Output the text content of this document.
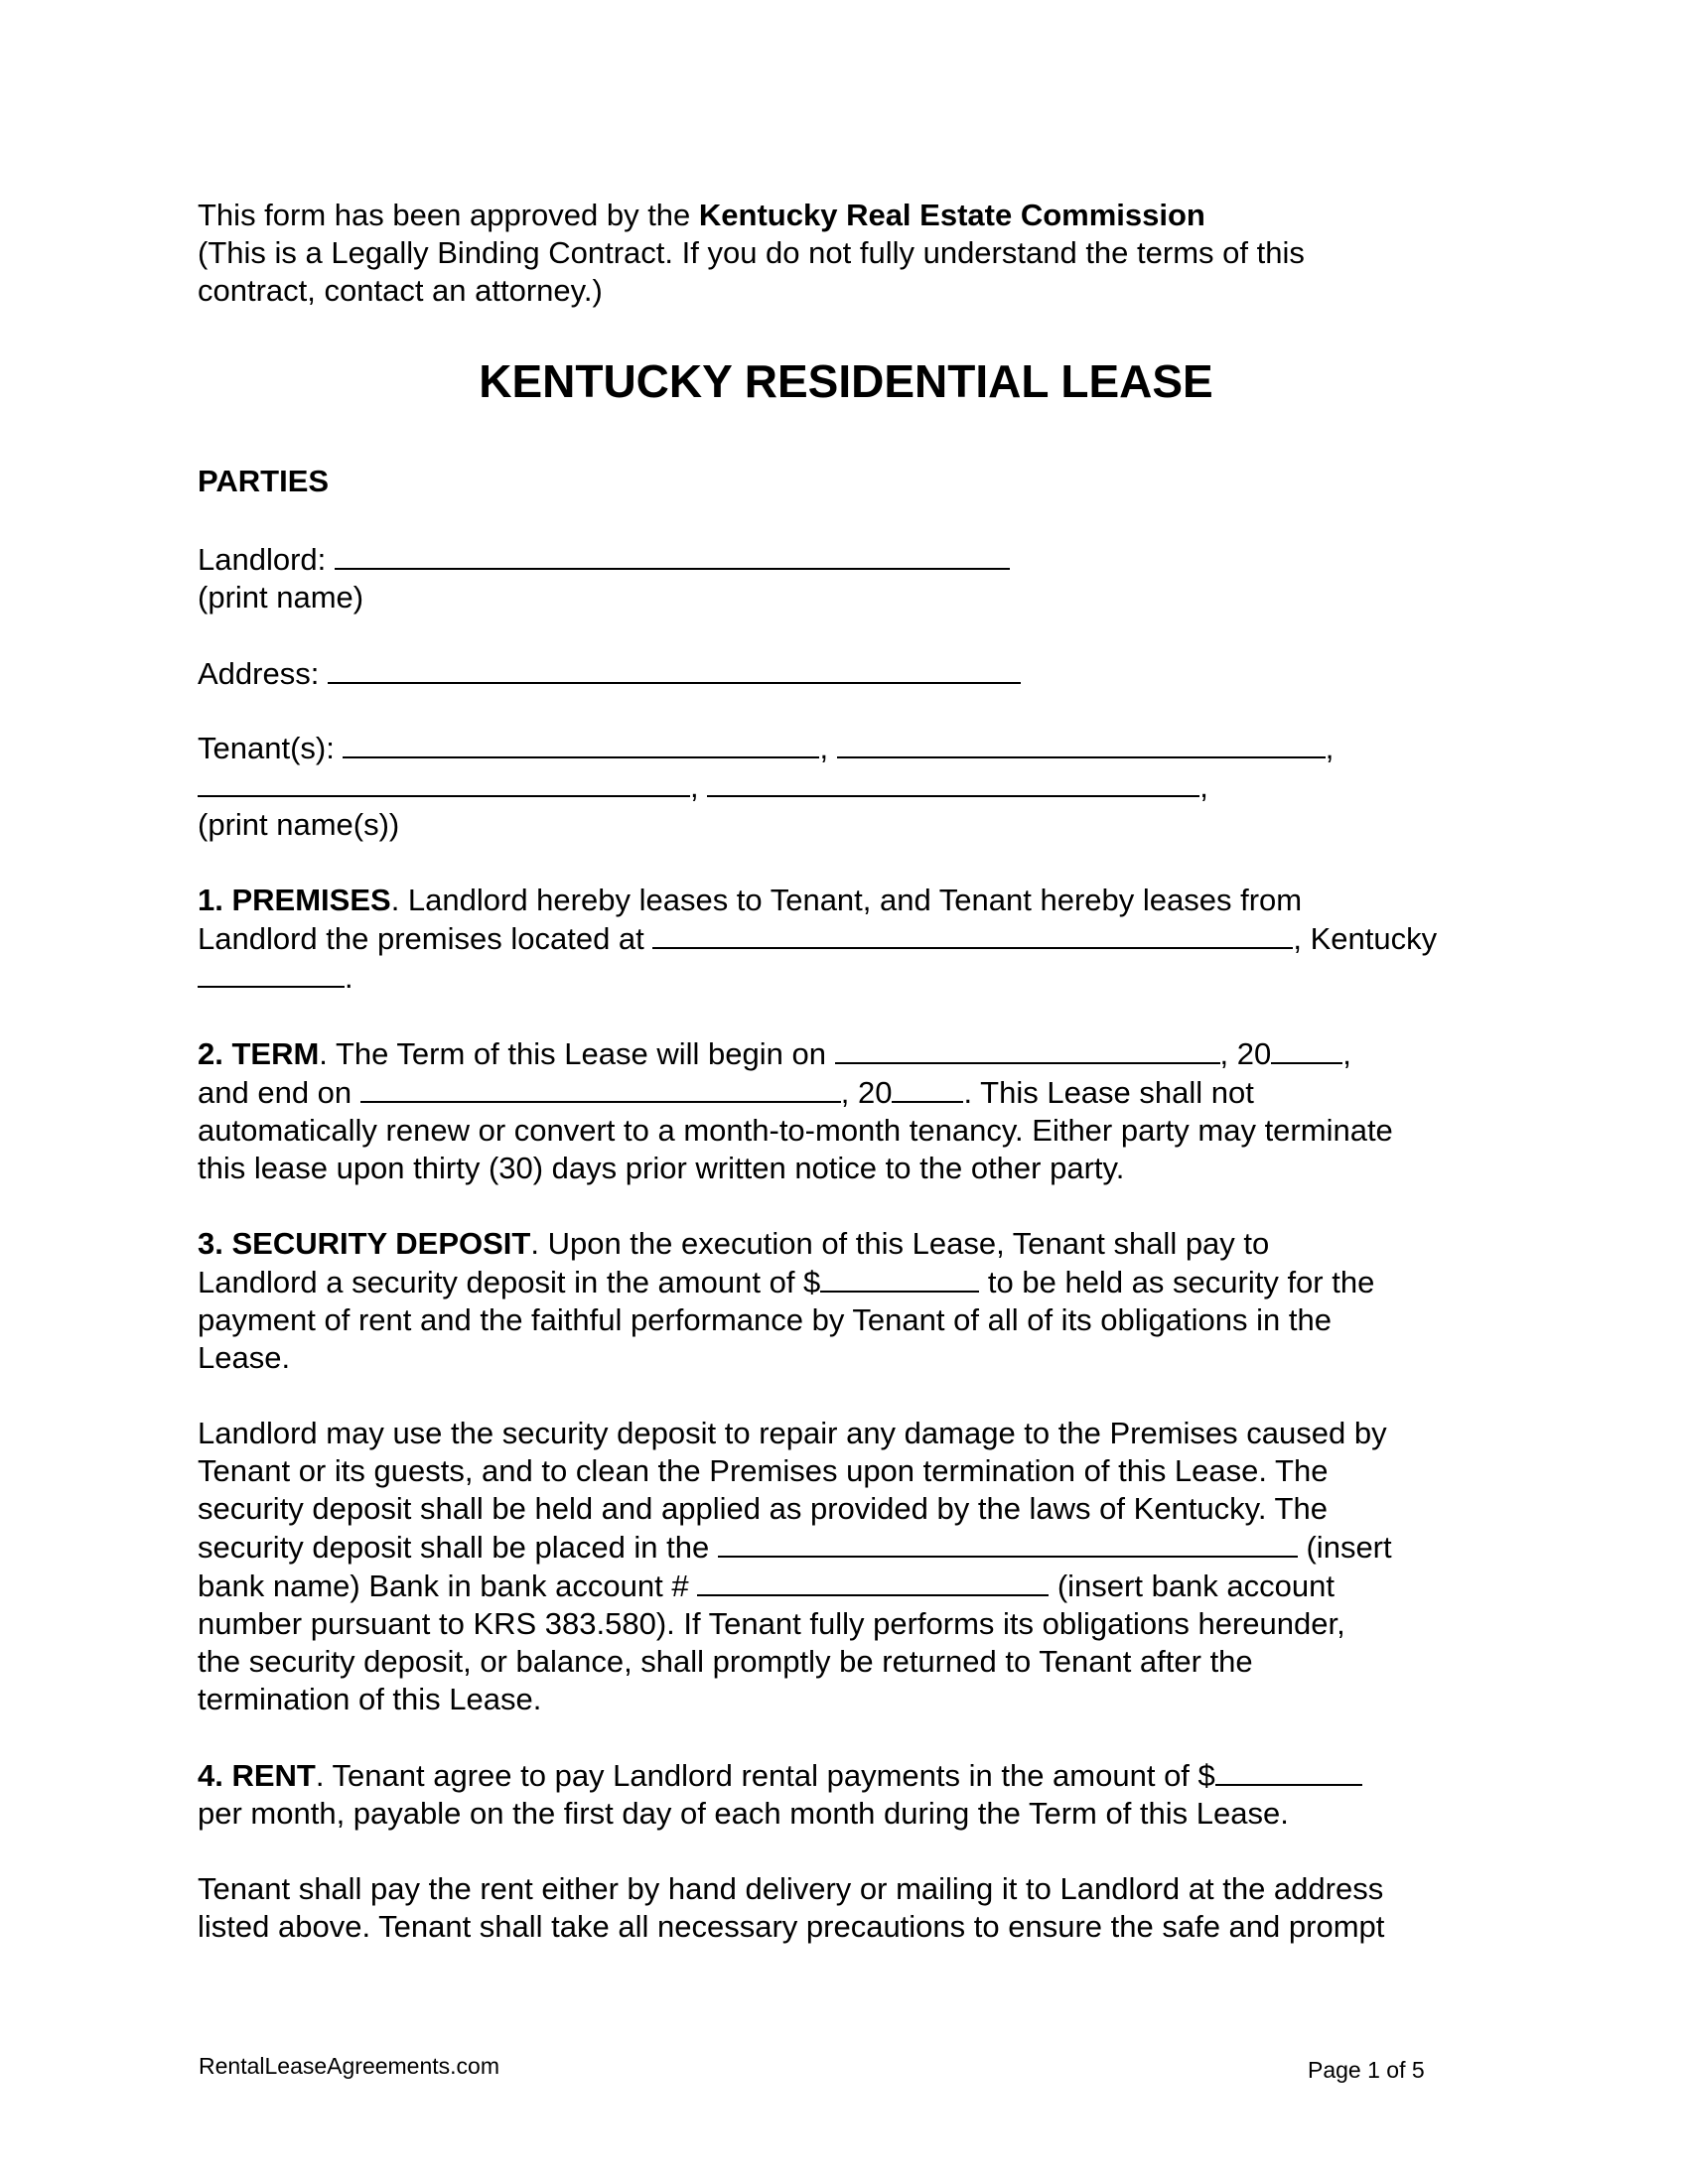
This form has been approved by the Kentucky Real Estate Commission
(This is a Legally Binding Contract. If you do not fully understand the terms of this
contract, contact an attorney.)
KENTUCKY RESIDENTIAL LEASE
PARTIES
Landlord:
(print name)
Address:
Tenant(s):	,	,
,	,
(print name(s))
1. PREMISES. Landlord hereby leases to Tenant, and Tenant hereby leases from
Landlord the premises located at	, Kentucky
.
2. TERM. The Term of this Lease will begin on	, 20 ,
and end on	, 20 . This Lease shall not
automatically renew or convert to a month-to-month tenancy. Either party may terminate
this lease upon thirty (30) days prior written notice to the other party.
3. SECURITY DEPOSIT. Upon the execution of this Lease, Tenant shall pay to
Landlord a security deposit in the amount of $	to be held as security for the
payment of rent and the faithful performance by Tenant of all of its obligations in the
Lease.
Landlord may use the security deposit to repair any damage to the Premises caused by
Tenant or its guests, and to clean the Premises upon termination of this Lease. The
security deposit shall be held and applied as provided by the laws of Kentucky. The
security deposit shall be placed in the	(insert
bank name) Bank in bank account #	(insert bank account
number pursuant to KRS 383.580). If Tenant fully performs its obligations hereunder,
the security deposit, or balance, shall promptly be returned to Tenant after the
termination of this Lease.
4. RENT. Tenant agree to pay Landlord rental payments in the amount of $
per month, payable on the first day of each month during the Term of this Lease.
Tenant shall pay the rent either by hand delivery or mailing it to Landlord at the address
listed above. Tenant shall take all necessary precautions to ensure the safe and prompt
RentalLeaseAgreements.com	Page 1 of 5
